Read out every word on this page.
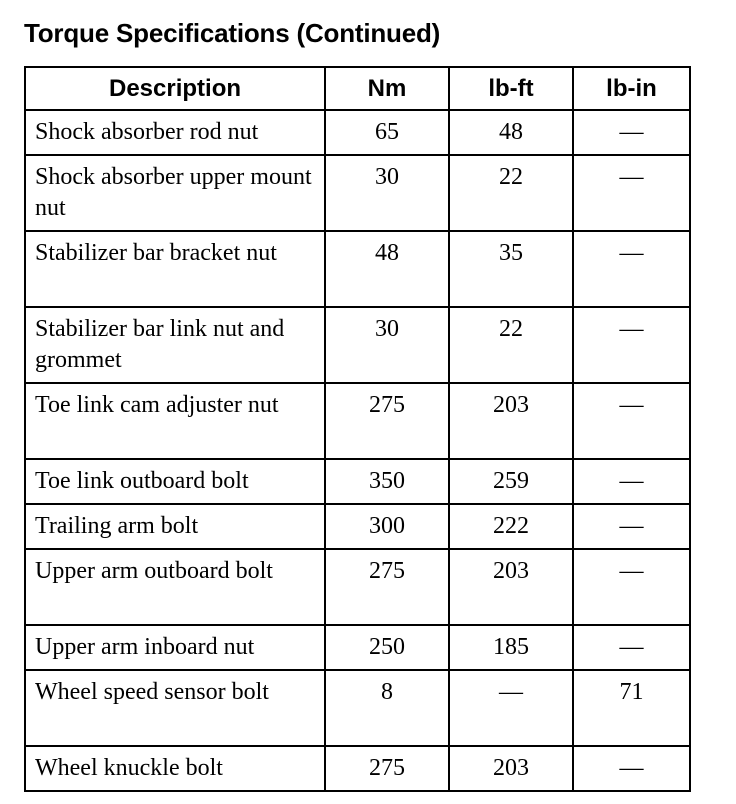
Torque Specifications (Continued)
Description	Nm	lb-ft	lb-in
Shock absorber rod nut	65	48	—
Shock absorber upper mount nut	30	22	—
Stabilizer bar bracket nut	48	35	—
Stabilizer bar link nut and grommet	30	22	—
Toe link cam adjuster nut	275	203	—
Toe link outboard bolt	350	259	—
Trailing arm bolt	300	222	—
Upper arm outboard bolt	275	203	—
Upper arm inboard nut	250	185	—
Wheel speed sensor bolt	8	—	71
Wheel knuckle bolt	275	203	—
